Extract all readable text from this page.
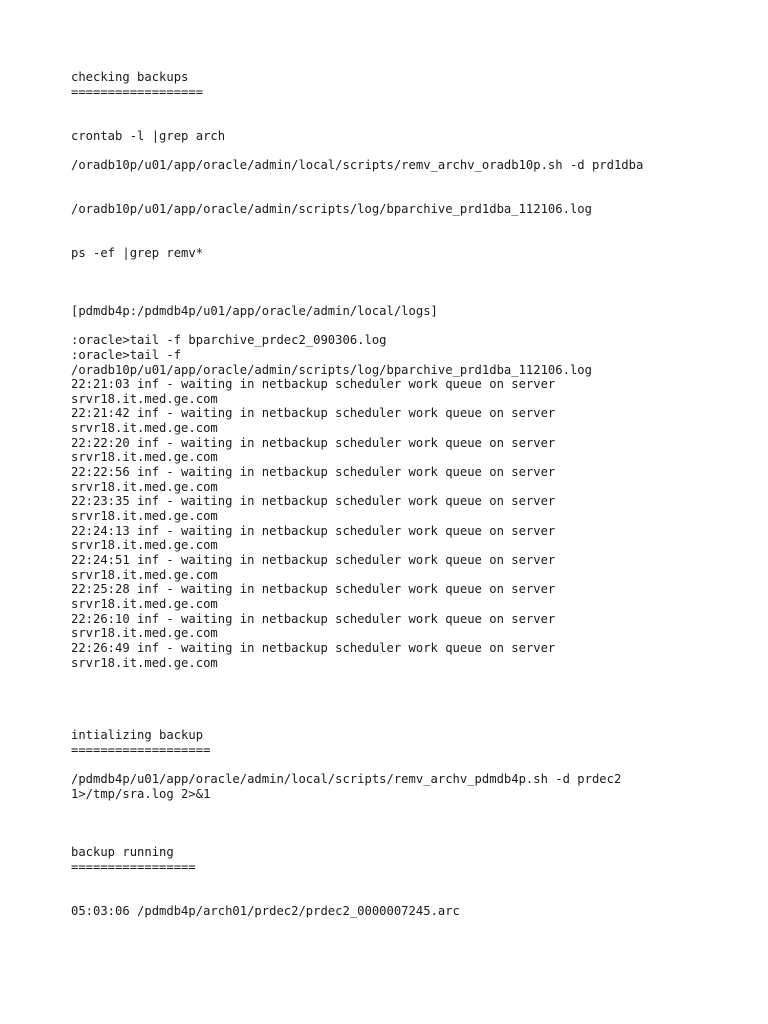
checking backups

==================

crontab -l |grep arch

/oradb10p/u01/app/oracle/admin/local/scripts/remv_archv_oradb10p.sh -d prd1dba

/oradb10p/u01/app/oracle/admin/scripts/log/bparchive_prd1dba_112106.log

ps -ef |grep remv*

[pdmdb4p:/pdmdb4p/u01/app/oracle/admin/local/logs]

:oracle>tail -f bparchive_prdec2_090306.log

:oracle>tail -f

/oradb10p/u01/app/oracle/admin/scripts/log/bparchive_prd1dba_112106.log

22:21:03 inf - waiting in netbackup scheduler work queue on server

srvr18.it.med.ge.com

22:21:42 inf - waiting in netbackup scheduler work queue on server

srvr18.it.med.ge.com

22:22:20 inf - waiting in netbackup scheduler work queue on server

srvr18.it.med.ge.com

22:22:56 inf - waiting in netbackup scheduler work queue on server

srvr18.it.med.ge.com

22:23:35 inf - waiting in netbackup scheduler work queue on server

srvr18.it.med.ge.com

22:24:13 inf - waiting in netbackup scheduler work queue on server

srvr18.it.med.ge.com

22:24:51 inf - waiting in netbackup scheduler work queue on server

srvr18.it.med.ge.com

22:25:28 inf - waiting in netbackup scheduler work queue on server

srvr18.it.med.ge.com

22:26:10 inf - waiting in netbackup scheduler work queue on server

srvr18.it.med.ge.com

22:26:49 inf - waiting in netbackup scheduler work queue on server

srvr18.it.med.ge.com

intializing backup

===================

/pdmdb4p/u01/app/oracle/admin/local/scripts/remv_archv_pdmdb4p.sh -d prdec2

1>/tmp/sra.log 2>&1

backup running

=================

05:03:06 /pdmdb4p/arch01/prdec2/prdec2_0000007245.arc
